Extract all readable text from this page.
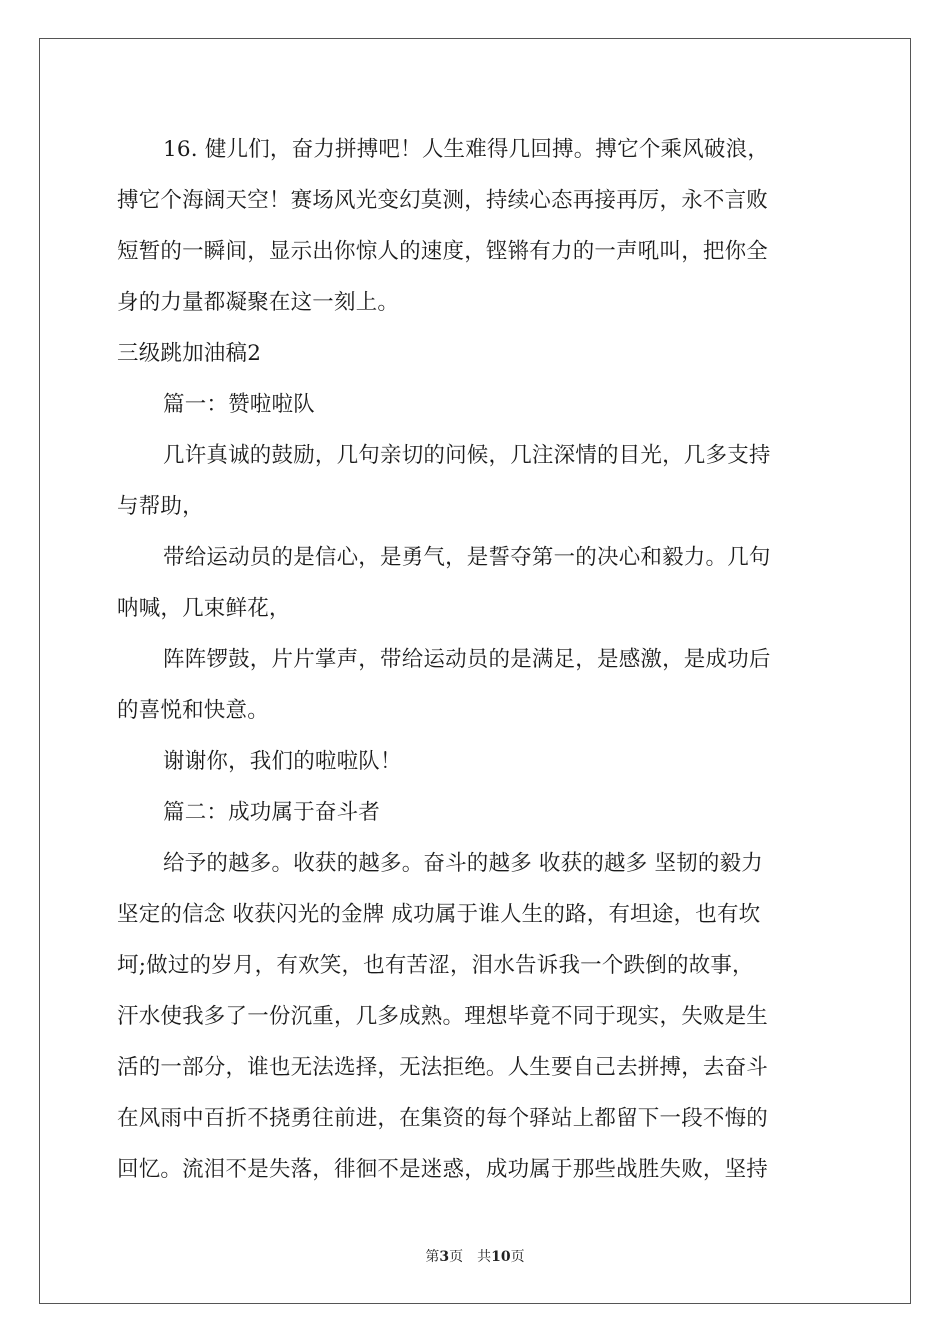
16. 健儿们，奋力拼搏吧！人生难得几回搏。搏它个乘风破浪，
搏它个海阔天空！赛场风光变幻莫测，持续心态再接再厉，永不言败
短暂的一瞬间，显示出你惊人的速度，铿锵有力的一声吼叫，把你全
身的力量都凝聚在这一刻上。
三级跳加油稿2
篇一：赞啦啦队
几许真诚的鼓励，几句亲切的问候，几注深情的目光，几多支持
与帮助，
带给运动员的是信心，是勇气，是誓夺第一的决心和毅力。几句
呐喊，几束鲜花，
阵阵锣鼓，片片掌声，带给运动员的是满足，是感激，是成功后
的喜悦和快意。
谢谢你，我们的啦啦队！
篇二：成功属于奋斗者
给予的越多。收获的越多。奋斗的越多 收获的越多 坚韧的毅力
坚定的信念 收获闪光的金牌 成功属于谁人生的路，有坦途，也有坎
坷;做过的岁月，有欢笑，也有苦涩，泪水告诉我一个跌倒的故事，
汗水使我多了一份沉重，几多成熟。理想毕竟不同于现实，失败是生
活的一部分，谁也无法选择，无法拒绝。人生要自己去拼搏，去奋斗
在风雨中百折不挠勇往前进，在集资的每个驿站上都留下一段不悔的
回忆。流泪不是失落，徘徊不是迷惑，成功属于那些战胜失败，坚持
第3页　共10页
